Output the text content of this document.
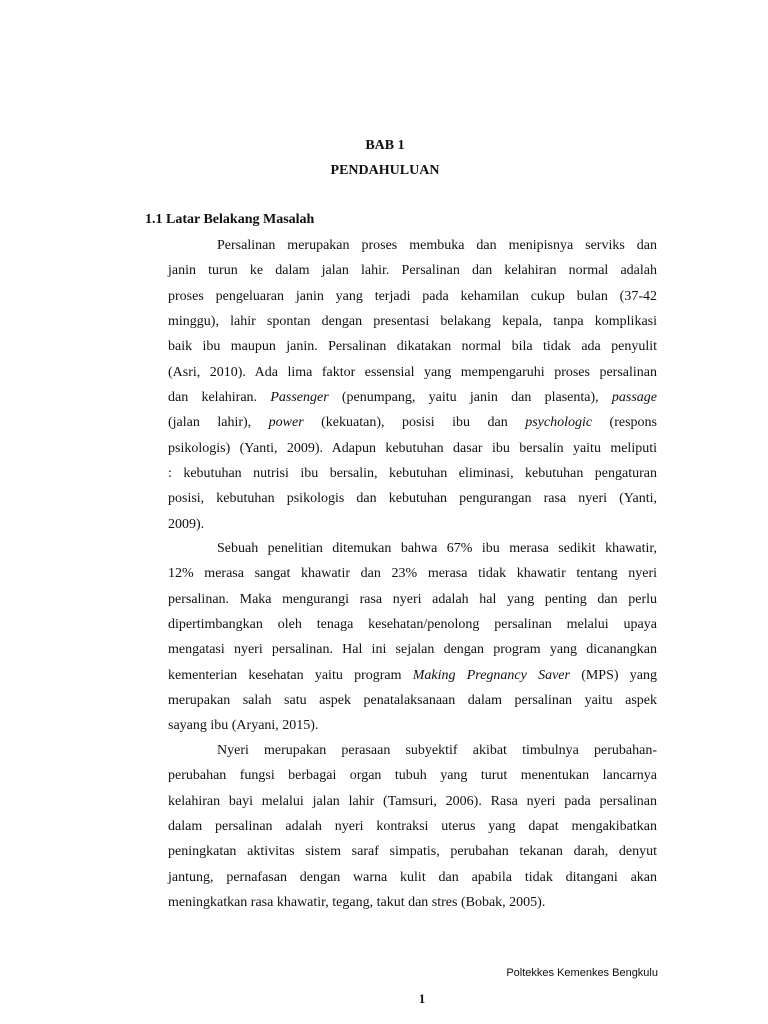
BAB 1
PENDAHULUAN
1.1 Latar Belakang Masalah
Persalinan merupakan proses membuka dan menipisnya serviks dan
janin turun ke dalam jalan lahir. Persalinan dan kelahiran normal adalah
proses pengeluaran janin yang terjadi pada kehamilan cukup bulan (37-42
minggu), lahir spontan dengan presentasi belakang kepala, tanpa komplikasi
baik ibu maupun janin. Persalinan dikatakan normal bila tidak ada penyulit
(Asri, 2010). Ada lima faktor essensial yang mempengaruhi proses persalinan
dan kelahiran. Passenger (penumpang, yaitu janin dan plasenta), passage
(jalan lahir), power (kekuatan), posisi ibu dan psychologic (respons
psikologis) (Yanti, 2009). Adapun kebutuhan dasar ibu bersalin yaitu meliputi
: kebutuhan nutrisi ibu bersalin, kebutuhan eliminasi, kebutuhan pengaturan
posisi, kebutuhan psikologis dan kebutuhan pengurangan rasa nyeri (Yanti,
2009).
Sebuah penelitian ditemukan bahwa 67% ibu merasa sedikit khawatir,
12% merasa sangat khawatir dan 23% merasa tidak khawatir tentang nyeri
persalinan. Maka mengurangi rasa nyeri adalah hal yang penting dan perlu
dipertimbangkan oleh tenaga kesehatan/penolong persalinan melalui upaya
mengatasi nyeri persalinan. Hal ini sejalan dengan program yang dicanangkan
kementerian kesehatan yaitu program Making Pregnancy Saver (MPS) yang
merupakan salah satu aspek penatalaksanaan dalam persalinan yaitu aspek
sayang ibu (Aryani, 2015).
Nyeri merupakan perasaan subyektif akibat timbulnya perubahan-
perubahan fungsi berbagai organ tubuh yang turut menentukan lancarnya
kelahiran bayi melalui jalan lahir (Tamsuri, 2006). Rasa nyeri pada persalinan
dalam persalinan adalah nyeri kontraksi uterus yang dapat mengakibatkan
peningkatan aktivitas sistem saraf simpatis, perubahan tekanan darah, denyut
jantung, pernafasan dengan warna kulit dan apabila tidak ditangani akan
meningkatkan rasa khawatir, tegang, takut dan stres (Bobak, 2005).
Poltekkes Kemenkes Bengkulu
1
